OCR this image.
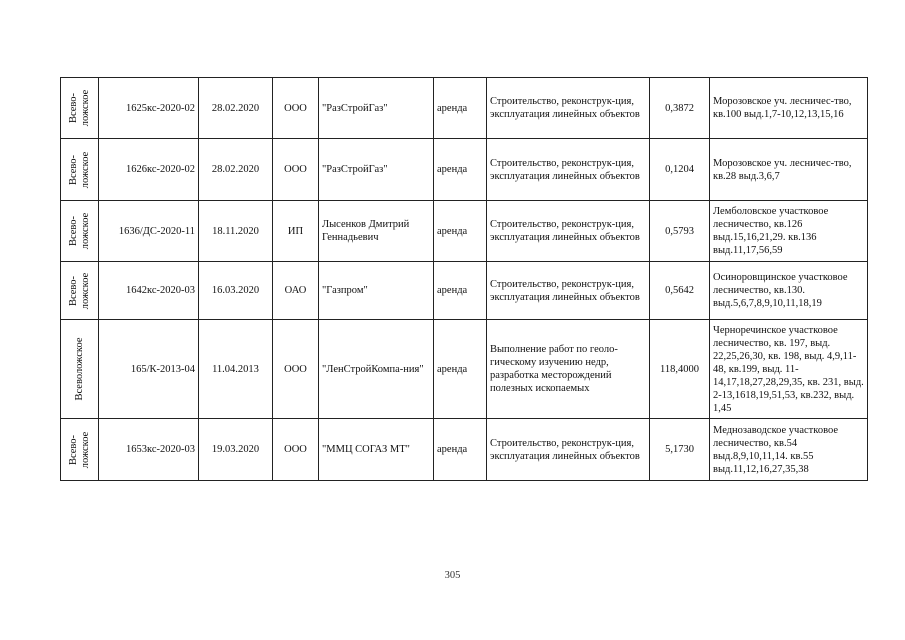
Всево-
ложское	1625кс-2020-02	28.02.2020	ООО	"РазСтройГаз"	аренда	Строительство, реконструк-ция, эксплуатация линейных объектов	0,3872	Морозовское уч. лесничес-тво, кв.100 выд.1,7-10,12,13,15,16

Всево-
ложское	1626кс-2020-02	28.02.2020	ООО	"РазСтройГаз"	аренда	Строительство, реконструк-ция, эксплуатация линейных объектов	0,1204	Морозовское уч. лесничес-тво, кв.28 выд.3,6,7

Всево-
ложское	1636/ДС-2020-11	18.11.2020	ИП	Лысенков Дмитрий Геннадьевич	аренда	Строительство, реконструк-ция, эксплуатация линейных объектов	0,5793	Лемболовское участковое лесничество, кв.126 выд.15,16,21,29. кв.136 выд.11,17,56,59

Всево-
ложское	1642кс-2020-03	16.03.2020	ОАО	"Газпром"	аренда	Строительство, реконструк-ция, эксплуатация линейных объектов	0,5642	Осиноровщинское участковое лесничество, кв.130. выд.5,6,7,8,9,10,11,18,19

Всеволожское	165/К-2013-04	11.04.2013	ООО	"ЛенСтройКомпа-ния"	аренда	Выполнение работ по геоло-гическому изучению недр, разработка месторождений полезных ископаемых	118,4000	Черноречинское участковое лесничество, кв. 197, выд. 22,25,26,30, кв. 198, выд. 4,9,11-48, кв.199, выд. 11-14,17,18,27,28,29,35, кв. 231, выд. 2-13,1618,19,51,53, кв.232, выд. 1,45

Всево-
ложское	1653кс-2020-03	19.03.2020	ООО	"ММЦ СОГАЗ МТ"	аренда	Строительство, реконструк-ция, эксплуатация линейных объектов	5,1730	Меднозаводское участковое лесничество, кв.54 выд.8,9,10,11,14. кв.55 выд.11,12,16,27,35,38
305
